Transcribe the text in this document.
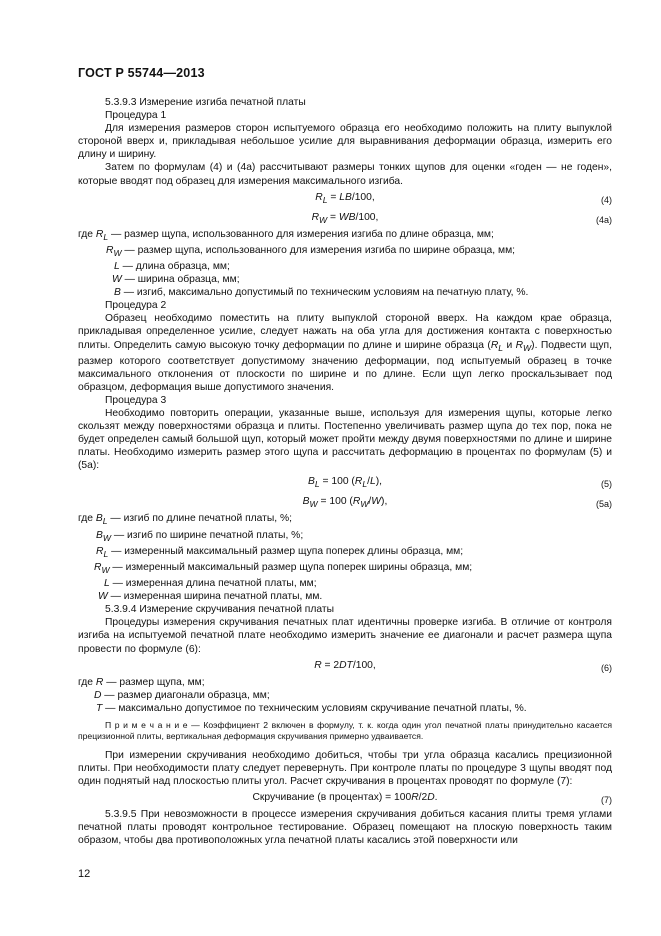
ГОСТ Р 55744—2013

5.3.9.3 Измерение изгиба печатной платы

Процедура 1

Для измерения размеров сторон испытуемого образца его необходимо положить на плиту выпуклой стороной вверх и, прикладывая небольшое усилие для выравнивания деформации образца, измерить его длину и ширину.

Затем по формулам (4) и (4а) рассчитывают размеры тонких щупов для оценки «годен — не годен», которые вводят под образец для измерения максимального изгиба.

$R_L = LB/100$,	(4)
$R_W = WB/100$,	(4а)

где $R_L$ — размер щупа, использованного для измерения изгиба по длине образца, мм;

$R_W$ — размер щупа, использованного для измерения изгиба по ширине образца, мм;

L — длина образца, мм;

W — ширина образца, мм;

B — изгиб, максимально допустимый по техническим условиям на печатную плату, %.

Процедура 2

Образец необходимо поместить на плиту выпуклой стороной вверх. На каждом крае образца, прикладывая определенное усилие, следует нажать на оба угла для достижения контакта с поверхностью плиты. Определить самую высокую точку деформации по длине и ширине образца ($R_L$ и $R_W$). Подвести щуп, размер которого соответствует допустимому значению деформации, под испытуемый образец в точке максимального отклонения от плоскости по ширине и по длине. Если щуп легко проскальзывает под образцом, деформация выше допустимого значения.

Процедура 3

Необходимо повторить операции, указанные выше, используя для измерения щупы, которые легко скользят между поверхностями образца и плиты. Постепенно увеличивать размер щупа до тех пор, пока не будет определен самый большой щуп, который может пройти между двумя поверхностями по длине и ширине платы. Необходимо измерить размер этого щупа и рассчитать деформацию в процентах по формулам (5) и (5а):

$B_L = 100$ $(R_L/L)$,	(5)
$B_W = 100$ $(R_W/W)$,	(5а)

где $B_L$ — изгиб по длине печатной платы, %;

$B_W$ — изгиб по ширине печатной платы, %;

$R_L$ — измеренный максимальный размер щупа поперек длины образца, мм;

$R_W$ — измеренный максимальный размер щупа поперек ширины образца, мм;

L — измеренная длина печатной платы, мм;

W — измеренная ширина печатной платы, мм.

5.3.9.4 Измерение скручивания печатной платы

Процедуры измерения скручивания печатных плат идентичны проверке изгиба. В отличие от контроля изгиба на испытуемой печатной плате необходимо измерить значение ее диагонали и расчет размера щупа провести по формуле (6):

R = 2DT/100,	(6)

где R — размер щупа, мм;

D — размер диагонали образца, мм;

T — максимально допустимое по техническим условиям скручивание печатной платы, %.

П р и м е ч а н и е — Коэффициент 2 включен в формулу, т. к. когда один угол печатной платы принудительно касается прецизионной плиты, вертикальная деформация скручивания примерно удваивается.

При измерении скручивания необходимо добиться, чтобы три угла образца касались прецизионной плиты. При необходимости плату следует перевернуть. При контроле платы по процедуре 3 щупы вводят под один поднятый над плоскостью плиты угол. Расчет скручивания в процентах проводят по формуле (7):

Скручивание (в процентах) = 100R/2D.	(7)

5.3.9.5 При невозможности в процессе измерения скручивания добиться касания плиты тремя углами печатной платы проводят контрольное тестирование. Образец помещают на плоскую поверхность таким образом, чтобы два противоположных угла печатной платы касались этой поверхности или

12
